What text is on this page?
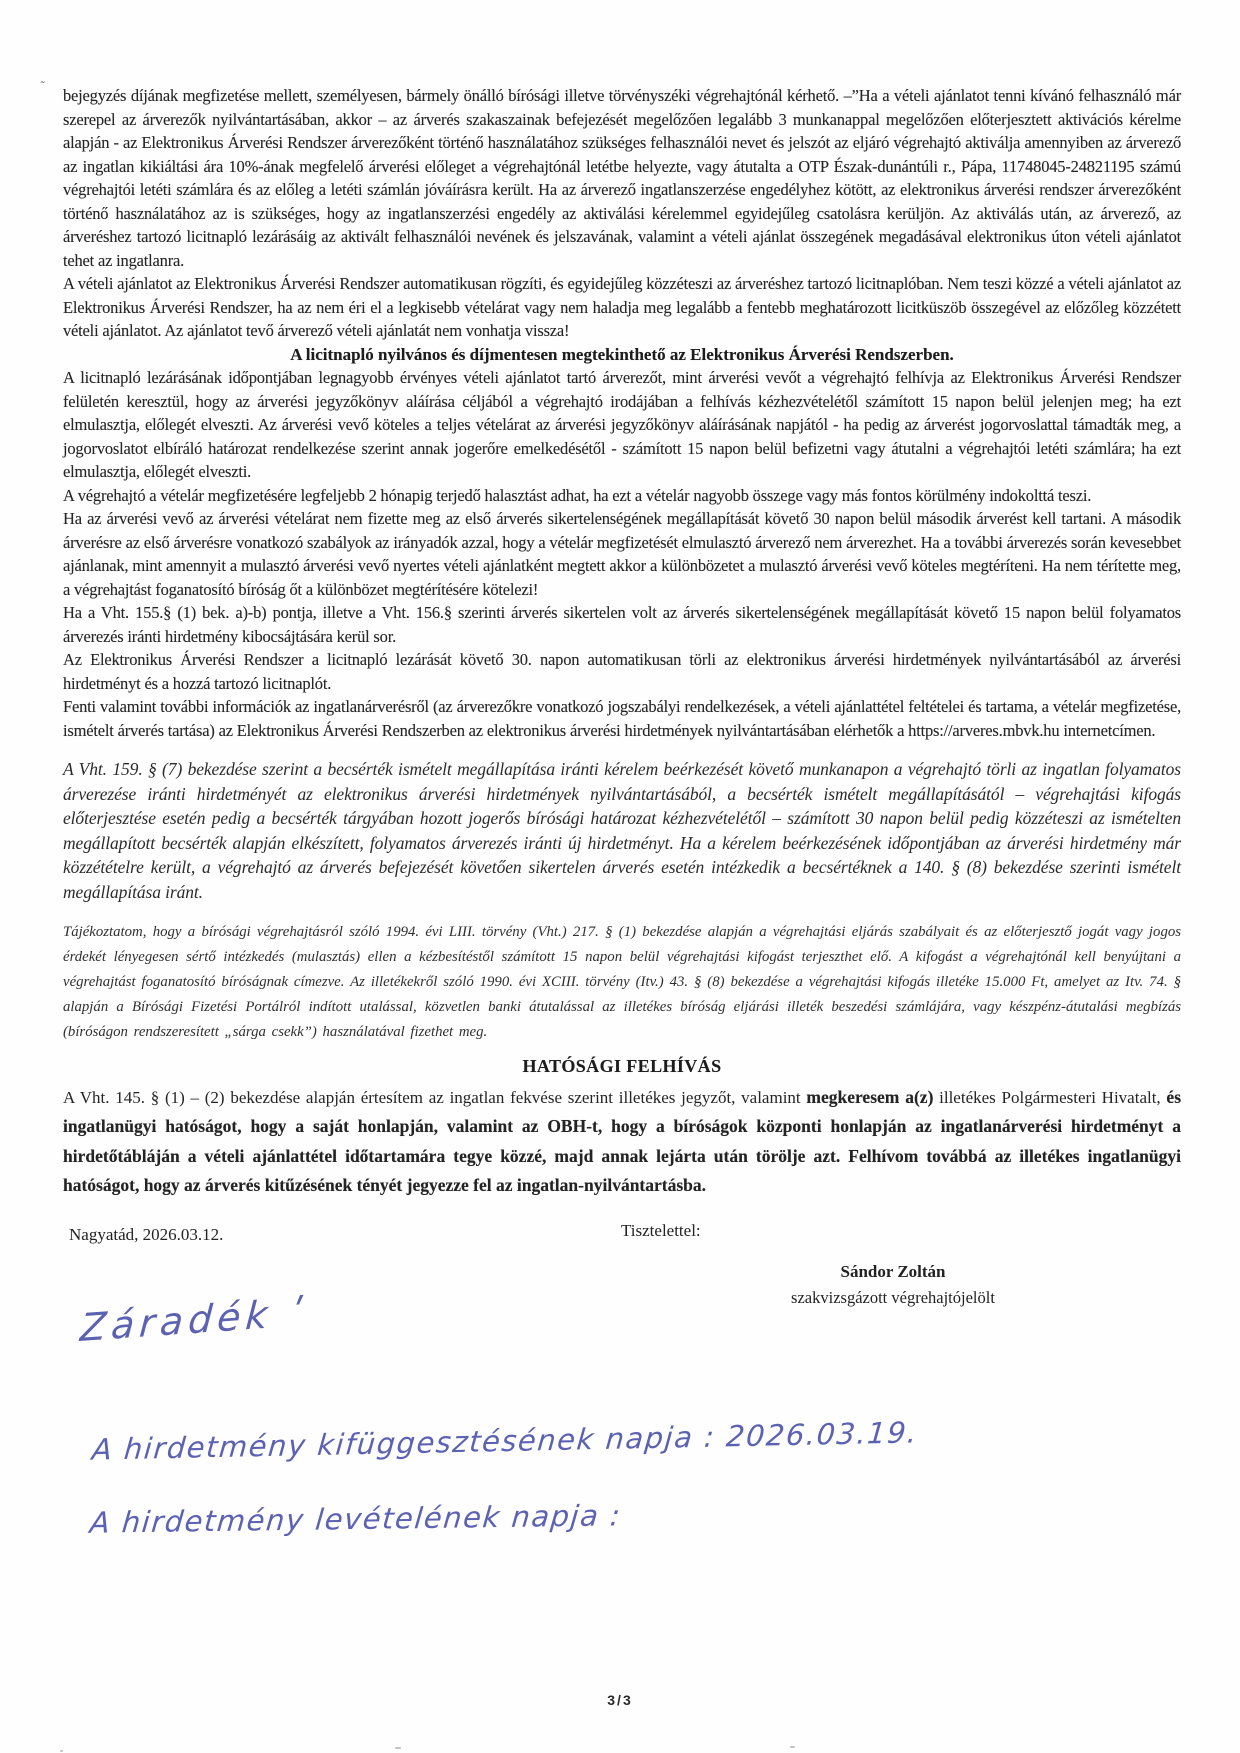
˜

bejegyzés díjának megfizetése mellett, személyesen, bármely önálló bírósági illetve törvényszéki végrehajtónál kérhető. –”Ha a vételi ajánlatot tenni kívánó felhasználó már szerepel az árverezők nyilvántartásában, akkor – az árverés szakaszainak befejezését megelőzően legalább 3 munkanappal megelőzően előterjesztett aktivációs kérelme alapján - az Elektronikus Árverési Rendszer árverezőként történő használatához szükséges felhasználói nevet és jelszót az eljáró végrehajtó aktiválja amennyiben az árverező az ingatlan kikiáltási ára 10%-ának megfelelő árverési előleget a végrehajtónál letétbe helyezte, vagy átutalta a OTP Észak-dunántúli r., Pápa, 11748045-24821195 számú végrehajtói letéti számlára és az előleg a letéti számlán jóváírásra került. Ha az árverező ingatlanszerzése engedélyhez kötött, az elektronikus árverési rendszer árverezőként történő használatához az is szükséges, hogy az ingatlanszerzési engedély az aktiválási kérelemmel egyidejűleg csatolásra kerüljön. Az aktiválás után, az árverező, az árveréshez tartozó licitnapló lezárásáig az aktivált felhasználói nevének és jelszavának, valamint a vételi ajánlat összegének megadásával elektronikus úton vételi ajánlatot tehet az ingatlanra.

A vételi ajánlatot az Elektronikus Árverési Rendszer automatikusan rögzíti, és egyidejűleg közzéteszi az árveréshez tartozó licitnaplóban. Nem teszi közzé a vételi ajánlatot az Elektronikus Árverési Rendszer, ha az nem éri el a legkisebb vételárat vagy nem haladja meg legalább a fentebb meghatározott licitküszöb összegével az előzőleg közzétett vételi ajánlatot. Az ajánlatot tevő árverező vételi ajánlatát nem vonhatja vissza!

A licitnapló nyilvános és díjmentesen megtekinthető az Elektronikus Árverési Rendszerben.

A licitnapló lezárásának időpontjában legnagyobb érvényes vételi ajánlatot tartó árverezőt, mint árverési vevőt a végrehajtó felhívja az Elektronikus Árverési Rendszer felületén keresztül, hogy az árverési jegyzőkönyv aláírása céljából a végrehajtó irodájában a felhívás kézhezvételétől számított 15 napon belül jelenjen meg; ha ezt elmulasztja, előlegét elveszti. Az árverési vevő köteles a teljes vételárat az árverési jegyzőkönyv aláírásának napjától - ha pedig az árverést jogorvoslattal támadták meg, a jogorvoslatot elbíráló határozat rendelkezése szerint annak jogerőre emelkedésétől - számított 15 napon belül befizetni vagy átutalni a végrehajtói letéti számlára; ha ezt elmulasztja, előlegét elveszti.

A végrehajtó a vételár megfizetésére legfeljebb 2 hónapig terjedő halasztást adhat, ha ezt a vételár nagyobb összege vagy más fontos körülmény indokolttá teszi.

Ha az árverési vevő az árverési vételárat nem fizette meg az első árverés sikertelenségének megállapítását követő 30 napon belül második árverést kell tartani. A második árverésre az első árverésre vonatkozó szabályok az irányadók azzal, hogy a vételár megfizetését elmulasztó árverező nem árverezhet. Ha a további árverezés során kevesebbet ajánlanak, mint amennyit a mulasztó árverési vevő nyertes vételi ajánlatként megtett akkor a különbözetet a mulasztó árverési vevő köteles megtéríteni. Ha nem térítette meg, a végrehajtást foganatosító bíróság őt a különbözet megtérítésére kötelezi!

Ha a Vht. 155.§ (1) bek. a)-b) pontja, illetve a Vht. 156.§ szerinti árverés sikertelen volt az árverés sikertelenségének megállapítását követő 15 napon belül folyamatos árverezés iránti hirdetmény kibocsájtására kerül sor.

Az Elektronikus Árverési Rendszer a licitnapló lezárását követő 30. napon automatikusan törli az elektronikus árverési hirdetmények nyilvántartásából az árverési hirdetményt és a hozzá tartozó licitnaplót.

Fenti valamint további információk az ingatlanárverésről (az árverezőkre vonatkozó jogszabályi rendelkezések, a vételi ajánlattétel feltételei és tartama, a vételár megfizetése, ismételt árverés tartása) az Elektronikus Árverési Rendszerben az elektronikus árverési hirdetmények nyilvántartásában elérhetők a https://arveres.mbvk.hu internetcímen.

A Vht. 159. § (7) bekezdése szerint a becsérték ismételt megállapítása iránti kérelem beérkezését követő munkanapon a végrehajtó törli az ingatlan folyamatos árverezése iránti hirdetményét az elektronikus árverési hirdetmények nyilvántartásából, a becsérték ismételt megállapításától – végrehajtási kifogás előterjesztése esetén pedig a becsérték tárgyában hozott jogerős bírósági határozat kézhezvételétől – számított 30 napon belül pedig közzéteszi az ismételten megállapított becsérték alapján elkészített, folyamatos árverezés iránti új hirdetményt. Ha a kérelem beérkezésének időpontjában az árverési hirdetmény már közzétételre került, a végrehajtó az árverés befejezését követően sikertelen árverés esetén intézkedik a becsértéknek a 140. § (8) bekezdése szerinti ismételt megállapítása iránt.

Tájékoztatom, hogy a bírósági végrehajtásról szóló 1994. évi LIII. törvény (Vht.) 217. § (1) bekezdése alapján a végrehajtási eljárás szabályait és az előterjesztő jogát vagy jogos érdekét lényegesen sértő intézkedés (mulasztás) ellen a kézbesítéstől számított 15 napon belül végrehajtási kifogást terjeszthet elő. A kifogást a végrehajtónál kell benyújtani a végrehajtást foganatosító bíróságnak címezve. Az illetékekről szóló 1990. évi XCIII. törvény (Itv.) 43. § (8) bekezdése a végrehajtási kifogás illetéke 15.000 Ft, amelyet az Itv. 74. § alapján a Bírósági Fizetési Portálról indított utalással, közvetlen banki átutalással az illetékes bíróság eljárási illeték beszedési számlájára, vagy készpénz-átutalási megbízás (bíróságon rendszeresített „sárga csekk”) használatával fizethet meg.

HATÓSÁGI FELHÍVÁS

A Vht. 145. § (1) – (2) bekezdése alapján értesítem az ingatlan fekvése szerint illetékes jegyzőt, valamint megkeresem a(z) illetékes Polgármesteri Hivatalt, és ingatlanügyi hatóságot, hogy a saját honlapján, valamint az OBH-t, hogy a bíróságok központi honlapján az ingatlanárverési hirdetményt a hirdetőtábláján a vételi ajánlattétel időtartamára tegye közzé, majd annak lejárta után törölje azt. Felhívom továbbá az illetékes ingatlanügyi hatóságot, hogy az árverés kitűzésének tényét jegyezze fel az ingatlan-nyilvántartásba.

Nagyatád, 2026.03.12.	Tisztelettel:
Sándor Zoltán
szakvizsgázott végrehajtójelölt
Záradék ʹ
A hirdetmény kifüggesztésének napja : 2026.03.19.
A hirdetmény levételének napja :
3/3
